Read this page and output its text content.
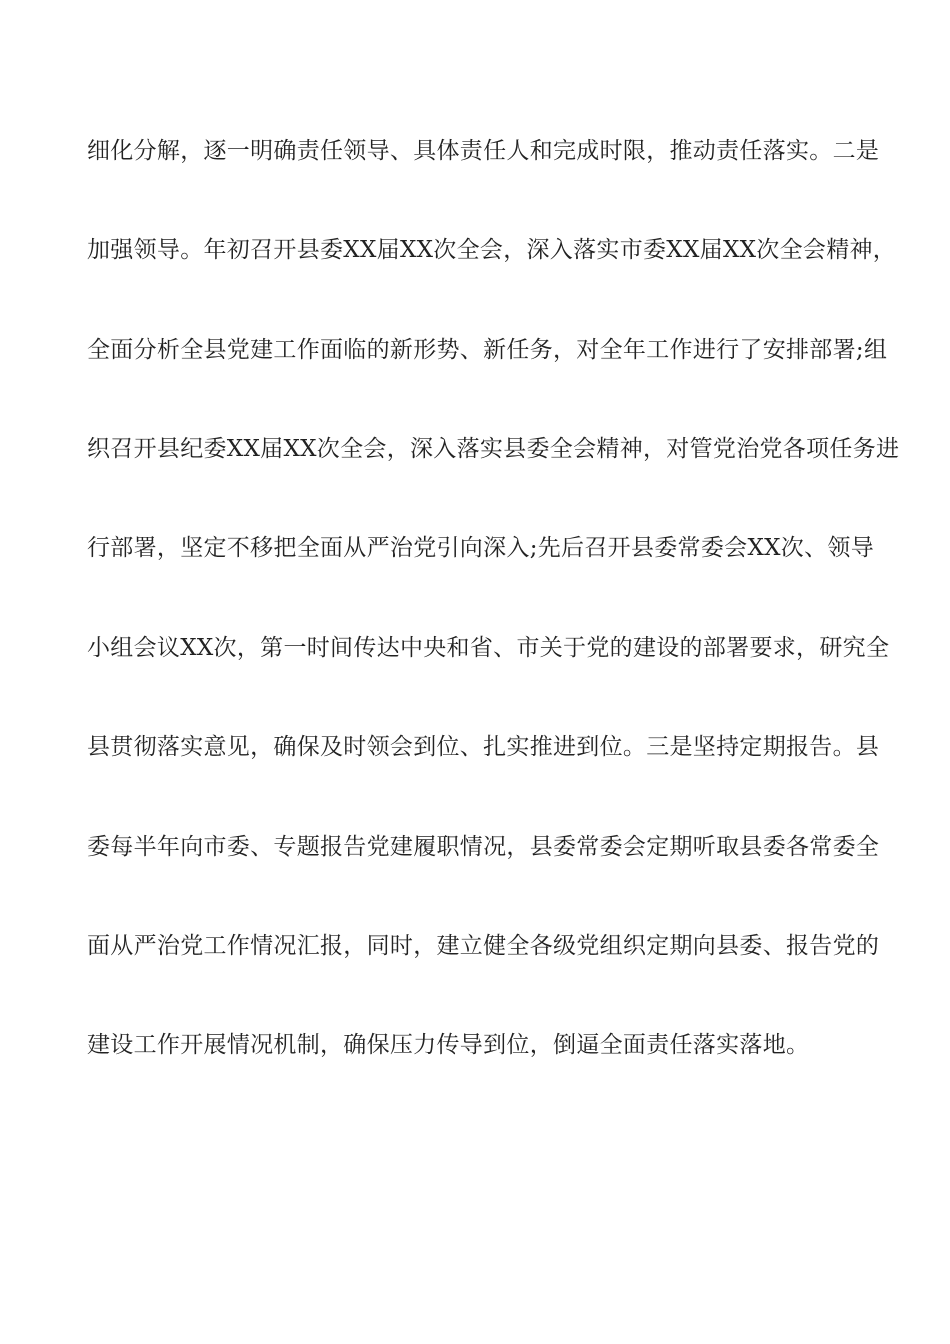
细化分解，逐一明确责任领导、具体责任人和完成时限，推动责任落实。二是
加强领导。年初召开县委XX届XX次全会，深入落实市委XX届XX次全会精神，
全面分析全县党建工作面临的新形势、新任务，对全年工作进行了安排部署;组
织召开县纪委XX届XX次全会，深入落实县委全会精神，对管党治党各项任务进
行部署，坚定不移把全面从严治党引向深入;先后召开县委常委会XX次、领导
小组会议XX次，第一时间传达中央和省、市关于党的建设的部署要求，研究全
县贯彻落实意见，确保及时领会到位、扎实推进到位。三是坚持定期报告。县
委每半年向市委、专题报告党建履职情况，县委常委会定期听取县委各常委全
面从严治党工作情况汇报，同时，建立健全各级党组织定期向县委、报告党的
建设工作开展情况机制，确保压力传导到位，倒逼全面责任落实落地。
